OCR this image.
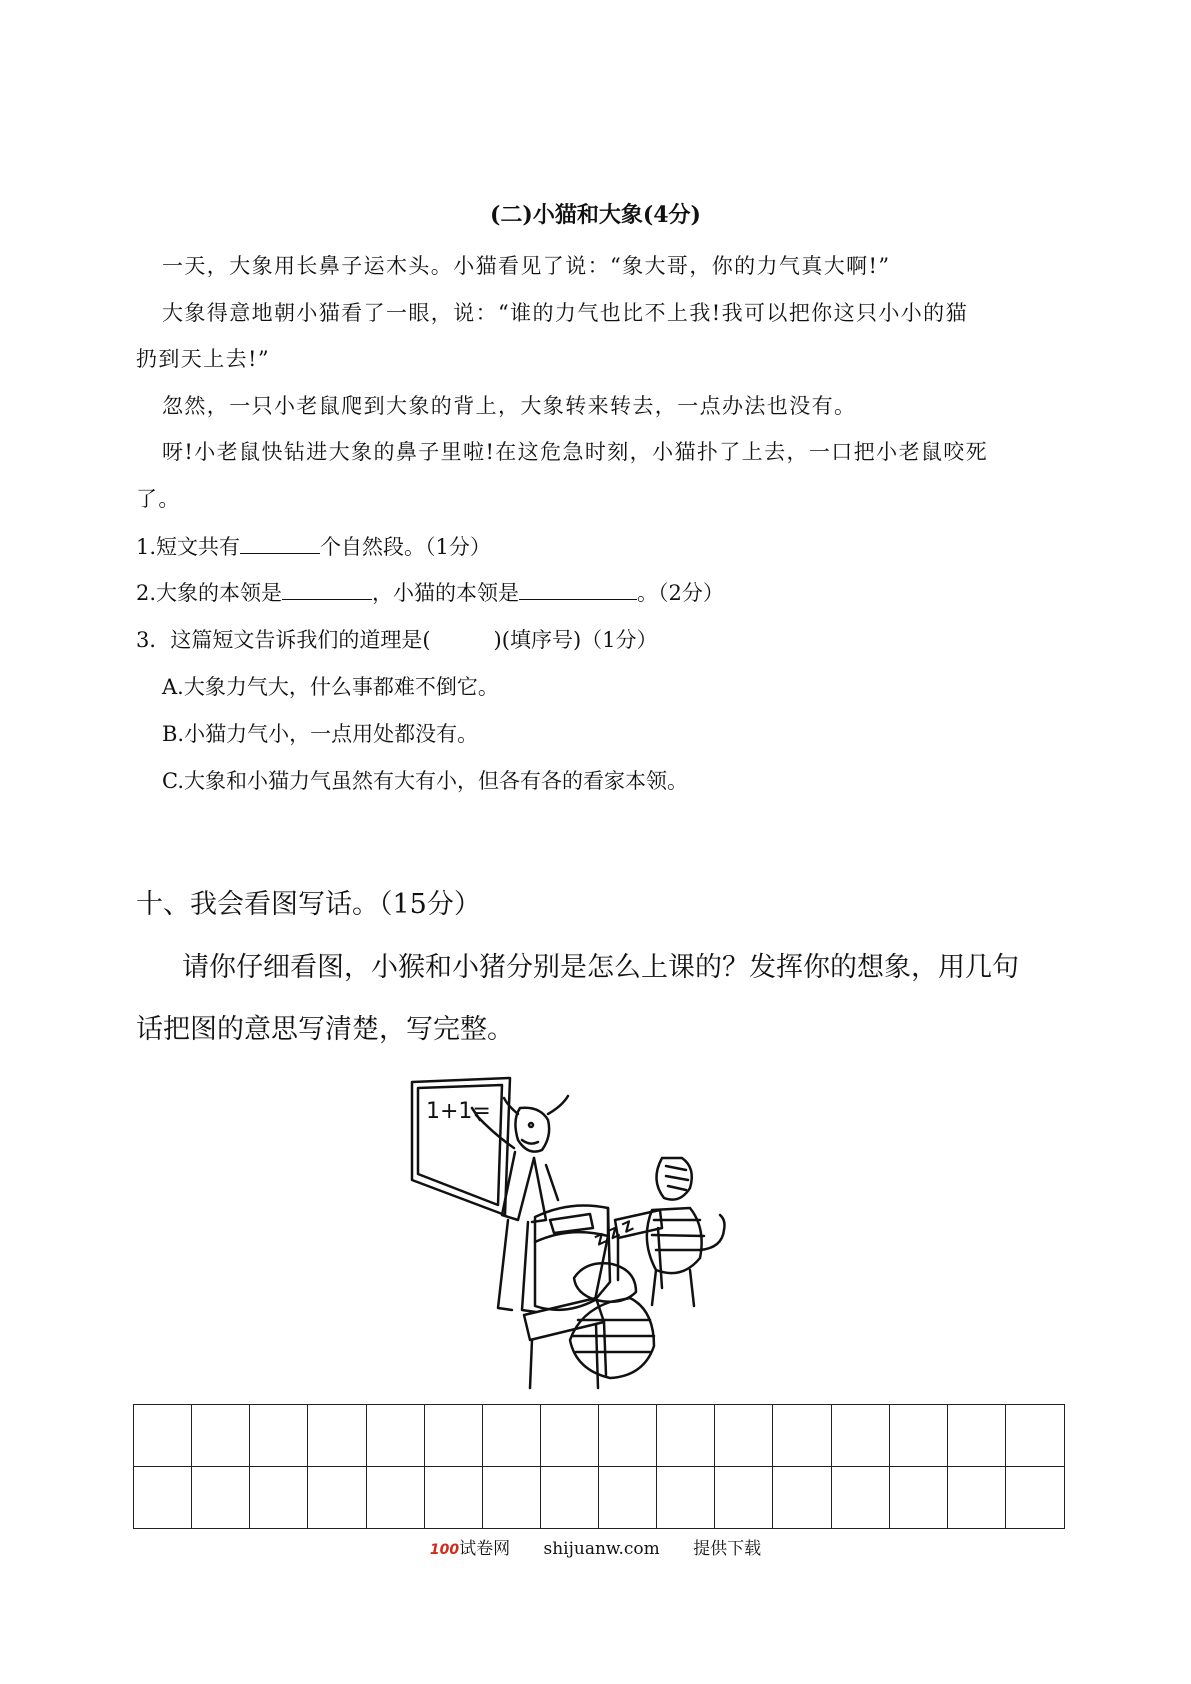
(二)小猫和大象(4分)
一天，大象用长鼻子运木头。小猫看见了说：“象大哥，你的力气真大啊!”
大象得意地朝小猫看了一眼，说：“谁的力气也比不上我!我可以把你这只小小的猫
扔到天上去!”
忽然，一只小老鼠爬到大象的背上，大象转来转去，一点办法也没有。
呀!小老鼠快钻进大象的鼻子里啦!在这危急时刻，小猫扑了上去，一口把小老鼠咬死
了。
1.短文共有	个自然段。（1分）
2.大象的本领是	，小猫的本领是	。（2分）
3．这篇短文告诉我们的道理是(　　　)(填序号)（1分）
A.大象力气大，什么事都难不倒它。
B.小猫力气小，一点用处都没有。
C.大象和小猫力气虽然有大有小，但各有各的看家本领。
十、我会看图写话。（15分）
请你仔细看图，小猴和小猪分别是怎么上课的？发挥你的想象，用几句
话把图的意思写清楚，写完整。
1+1=
Z Z Z
100试卷网 shijuanw.com 提供下载
